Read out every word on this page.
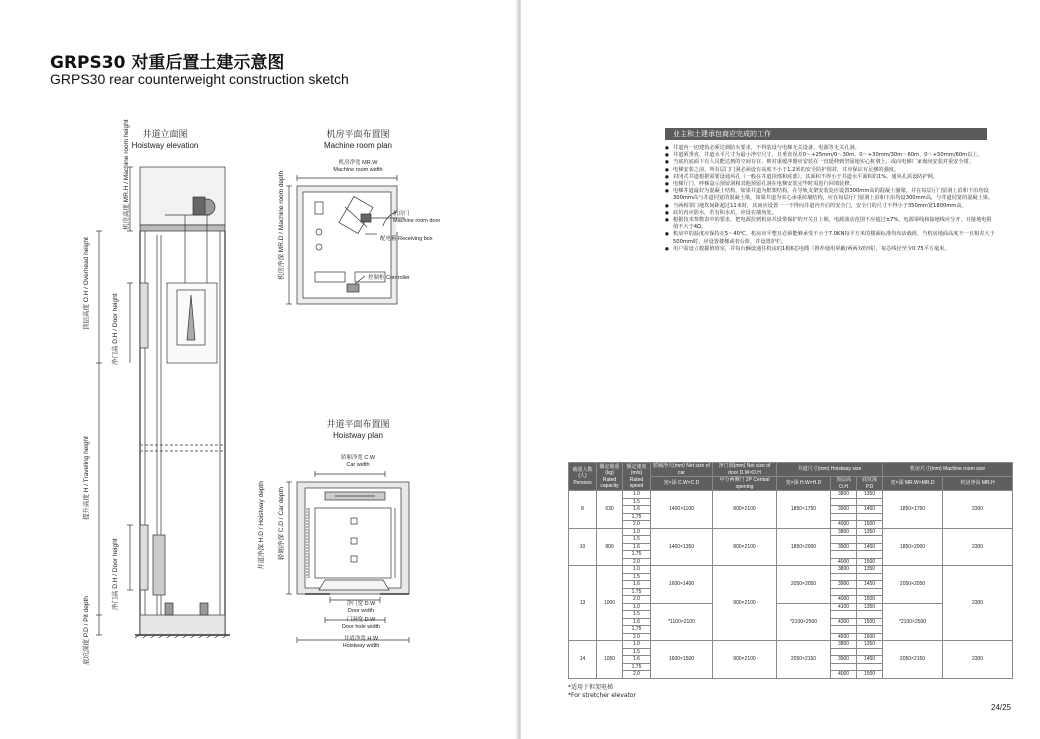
GRPS30 对重后置土建示意图
GRPS30 rear counterweight construction sketch
井道立面图
Hoistway elevation
机房高度 MR.H / Machine room height
顶层高度 O.H / Overhead height	净门高 D.H / Door height
提升高度 H / Traveling height
净门高 D.H / Door height
底坑深度 P.D / Pit depth
机房平面布置图
Machine room plan
机房净宽 MR.W
Machine room width
机房净深 MR.D / Machine room depth	机房门
Machine room door
配电箱 Receiving box
控制柜 Controller
井道平面布置图
Hoistway plan
轿厢净宽 C.W
Car width
井道净深 H.D / Hoistway depth 轿厢净深 C.D / Car depth
净门宽 D.W
Door width
门洞宽 D.W
Door hole width
井道净宽 H.W
Hoistway width
业主和土建承包商应完成的工作
● 井道内一切建筑必须达到防火要求，不得装设与电梯无关设备、电源等无关孔洞。
● 井道须垂直，井道水平尺寸为最小净空尺寸，且垂直误差0～+25mm/0～30m、0～+30mm/30m～60m、0～+50mm/60m以上。
● 当底坑底面下有人员能达到的空间存在，则对重缓冲器应安装在一直延伸到坚固地实心桩墩上，或向电梯厂家询问安装对重安全钳。
● 电梯安装之前，所有层门门洞必须设有高度不小于1.2米的安全防护围封，并应保证有足够的强度。
● 封闭式井道根据需要设通风孔（一般在井道顶部和底部），其面积不得小于井道水平面积的1%，通风孔需设防护网。
● 电梯厅门、呼梯盒示预留洞和其他预留孔洞在电梯安装完毕时需进行回填装修。
● 电梯井道最好为混凝土结构，如果井道为框架结构，在导轨支架安装处应设置300mm高的混凝土圈梁，并在每层厅门留洞上沿和下沿均设300mm高与井道同宽的混凝土梁，如果井道为实心承重砖墙结构，应在每层厅门留洞上沿和下沿均设300mm高，与井道同宽的混凝土梁。
● 当两相邻门地坎间距超过11米时，其间应设置一一不得向井道内开启的安全门，安全门的尺寸不得小于350mm宽1800mm高。
● 底坑内应防水，若有积水坑，应设在墙角处。
● 根据技术参数表中的要求，把电源拉到机房并设带保护的开关且上锁，电源波动范围不应超过±7%，电源零线和接地线应分开，且接地电阻值不大于4Ω。
● 机房中的温度应保持在5～40℃，机房应平整且必须能够承受不小于7.0KN每平方米的楼面标准均布活载荷，当机房地面高度不一且相差大于500mm时，应设置楼梯或者台阶，并设置护栏。
● 用户需设立救援值班室，并每台辆设通往机房的1根6芯电缆（推荐使用屏蔽/两两双绞线），每芯线径至少0.75平方毫米。
载重人数(人) Persons	额定载重(kg) Rated capacity	额定速度(m/s) Rated speed	轿厢净尺(mm) Net size of car	净门洞(mm) Net size of door D.W×D.H	井道尺寸(mm) Hoistway size			机房尺寸(mm) Machine room size	
			宽×深 C.W×C.D	中分两侧门 2P Central opening	宽×深 H.W×H.D	顶层高 O.H	底坑深 P.D	宽×深 MR.W×MR.D	机房净高 MR.H
8	630	1.0	1400×1100	800×2100	1850×1750	3800	1350	1850×1750	2300
		1.5							
		1.6				3900	1450		
		1.75							
		2.0				4000	1500		
10	800	1.0	1400×1350	800×2100	1850×2000	3800	1350	1850×2000	2300
		1.5							
		1.6				3900	1450		
		1.75							
		2.0				4000	1500		
13	1000	1.0	1600×1400	900×2100	2050×2050	3800	1350	2050×2050	2300
		1.5							
		1.6				3900	1450		
		1.75							
		2.0				4000	1500		
		1.0	*1100×2100		*2100×2500	4100	1350	*2100×2500	
		1.5							
		1.6				4300	1500		
		1.75							
		2.0				4500	1600		
14	1050	1.0	1600×1500	900×2100	2050×2150	3800	1350	2050×2150	2300
		1.5							
		1.6				3900	1450		
		1.75							
		2.0				4000	1500		
*适用于担架电梯
*For stretcher elevator
24/25
